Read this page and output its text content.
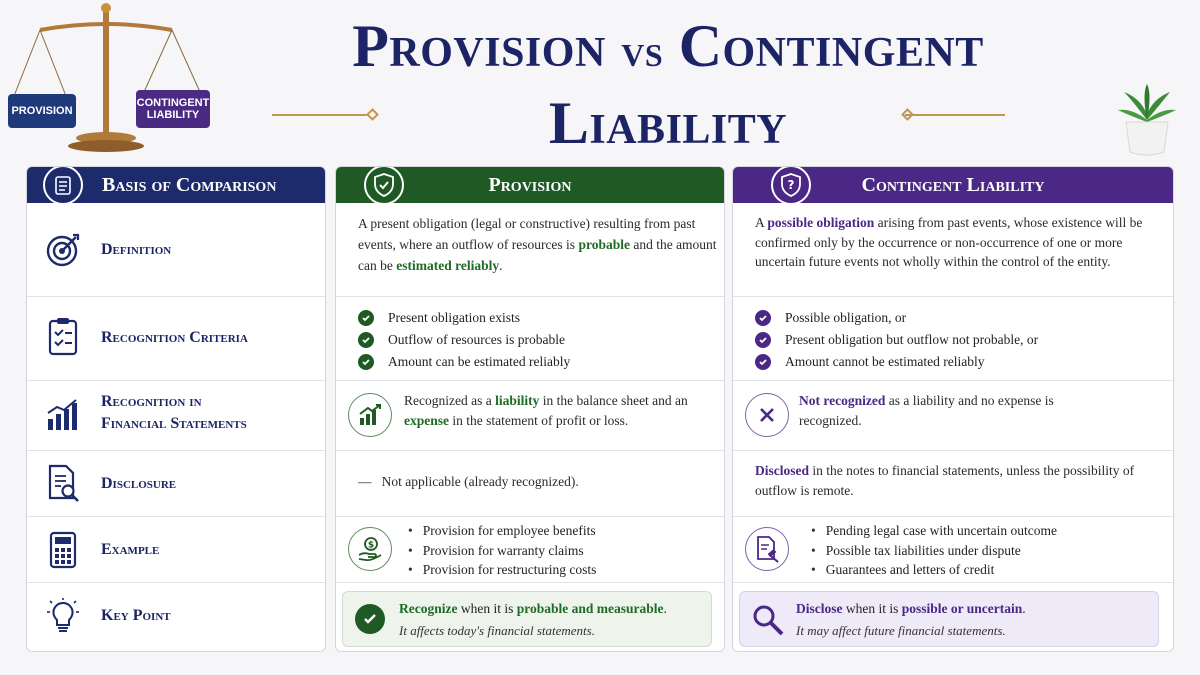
PROVISION
CONTINGENT
LIABILITY
Provision vs Contingent Liability
Basis of Comparison
Definition
Recognition Criteria
Recognition in
Financial Statements
Disclosure
Example
Key Point
Provision
A present obligation (legal or constructive) resulting from past events, where an outflow of resources is probable and the amount can be estimated reliably.
Present obligation exists
Outflow of resources is probable
Amount can be estimated reliably
Recognized as a liability in the balance sheet and an expense in the statement of profit or loss.
— Not applicable (already recognized).
$
• Provision for employee benefits
• Provision for warranty claims
• Provision for restructuring costs
Recognize when it is probable and measurable.
It affects today's financial statements.
?	Contingent Liability
A possible obligation arising from past events, whose existence will be confirmed only by the occurrence or non-occurrence of one or more uncertain future events not wholly within the control of the entity.
Possible obligation, or
Present obligation but outflow not probable, or
Amount cannot be estimated reliably
Not recognized as a liability and no expense is recognized.
Disclosed in the notes to financial statements, unless the possibility of outflow is remote.
• Pending legal case with uncertain outcome
• Possible tax liabilities under dispute
• Guarantees and letters of credit
Disclose when it is possible or uncertain.
It may affect future financial statements.
